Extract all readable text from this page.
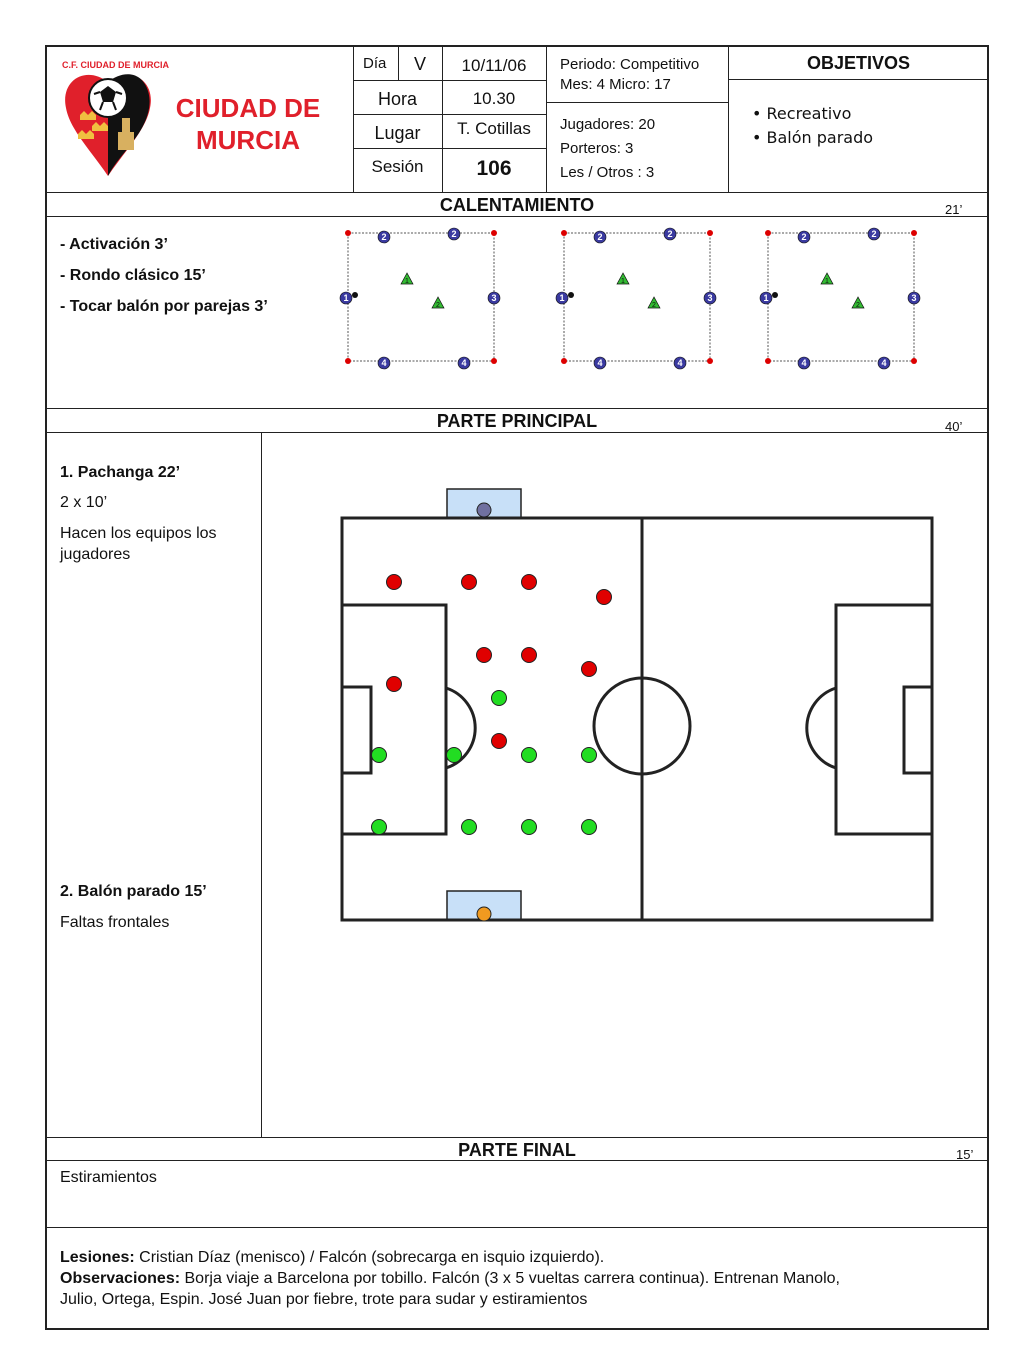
C.F. CIUDAD DE MURCIA
CIUDAD DE
MURCIA
Día	V	10/11/06
Hora	10.30
Lugar	T. Cotillas
Sesión	106
Periodo: Competitivo
Mes: 4 Micro: 17
Jugadores: 20
Porteros: 3
Les / Otros : 3
OBJETIVOS
• Recreativo
• Balón parado
CALENTAMIENTO	21’
- Activación 3’
- Rondo clásico 15’
- Tocar balón por parejas 3’
PARTE PRINCIPAL	40’
1. Pachanga 22’
2 x 10’
Hacen los equipos los
jugadores
2. Balón parado 15’
Faltas frontales
PARTE FINAL	15’
Estiramientos
Lesiones: Cristian Díaz (menisco) / Falcón (sobrecarga en isquio izquierdo).
Observaciones: Borja viaje a Barcelona por tobillo. Falcón (3 x 5 vueltas carrera continua). Entrenan Manolo,
Julio, Ortega, Espin. José Juan por fiebre, trote para sudar y estiramientos
